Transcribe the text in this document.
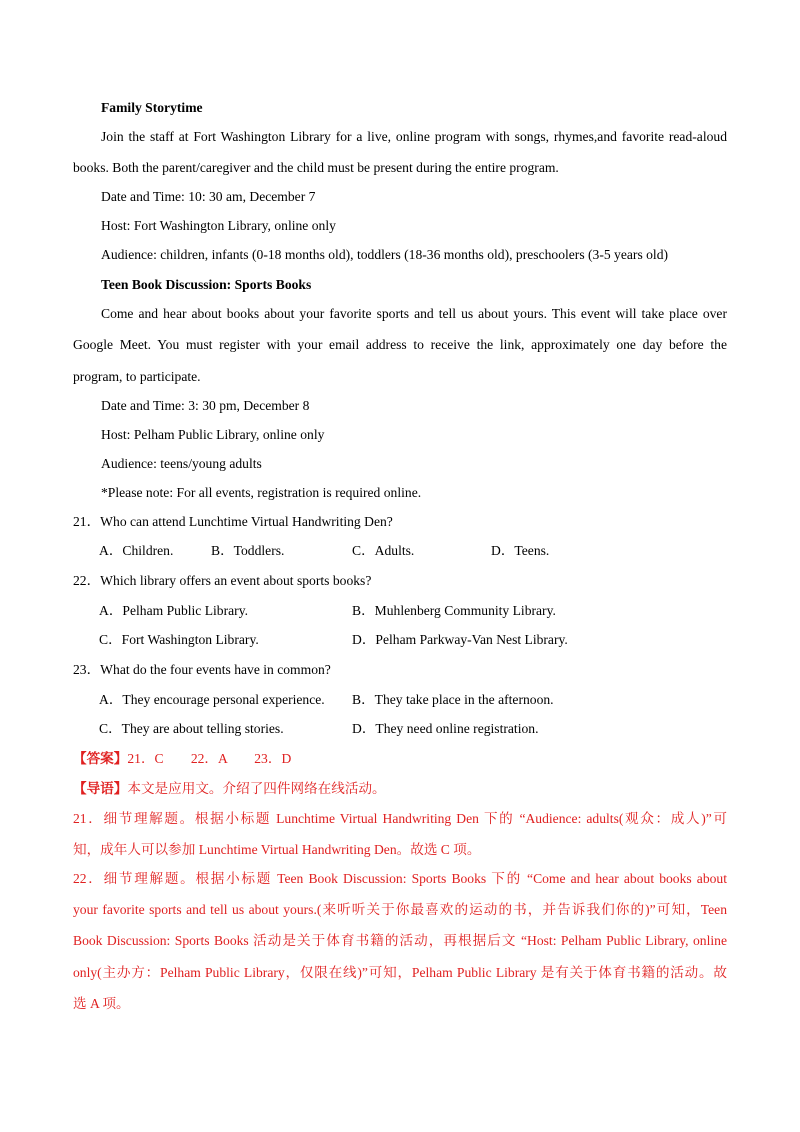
Family Storytime
Join the staff at Fort Washington Library for a live, online program with songs, rhymes,and favorite read-aloud
books. Both the parent/caregiver and the child must be present during the entire program.
Date and Time: 10: 30 am, December 7
Host: Fort Washington Library, online only
Audience: children, infants (0-18 months old), toddlers (18-36 months old), preschoolers (3-5 years old)
Teen Book Discussion: Sports Books
Come and hear about books about your favorite sports and tell us about yours. This event will take place over
Google Meet. You must register with your email address to receive the link, approximately one day before the
program, to participate.
Date and Time: 3: 30 pm, December 8
Host: Pelham Public Library, online only
Audience: teens/young adults
*Please note: For all events, registration is required online.
21．Who can attend Lunchtime Virtual Handwriting Den?
A．Children.	B．Toddlers.	C．Adults.	D．Teens.
22．Which library offers an event about sports books?
A．Pelham Public Library.	B．Muhlenberg Community Library.
C．Fort Washington Library.	D．Pelham Parkway-Van Nest Library.
23．What do the four events have in common?
A．They encourage personal experience. B．They take place in the afternoon.
C．They are about telling stories.	D．They need online registration.
【答案】21．C　　22．A　　23．D
【导语】本文是应用文。介绍了四件网络在线活动。
21．细节理解题。根据小标题 Lunchtime Virtual Handwriting Den 下的 “Audience: adults(观众：成人)”可
知，成年人可以参加 Lunchtime Virtual Handwriting Den。故选 C 项。
22．细节理解题。根据小标题 Teen Book Discussion: Sports Books 下的 “Come and hear about books about
your favorite sports and tell us about yours.(来听听关于你最喜欢的运动的书，并告诉我们你的)”可知，Teen
Book Discussion: Sports Books 活动是关于体育书籍的活动，再根据后文 “Host: Pelham Public Library, online
only(主办方：Pelham Public Library，仅限在线)”可知，Pelham Public Library 是有关于体育书籍的活动。故
选 A 项。
